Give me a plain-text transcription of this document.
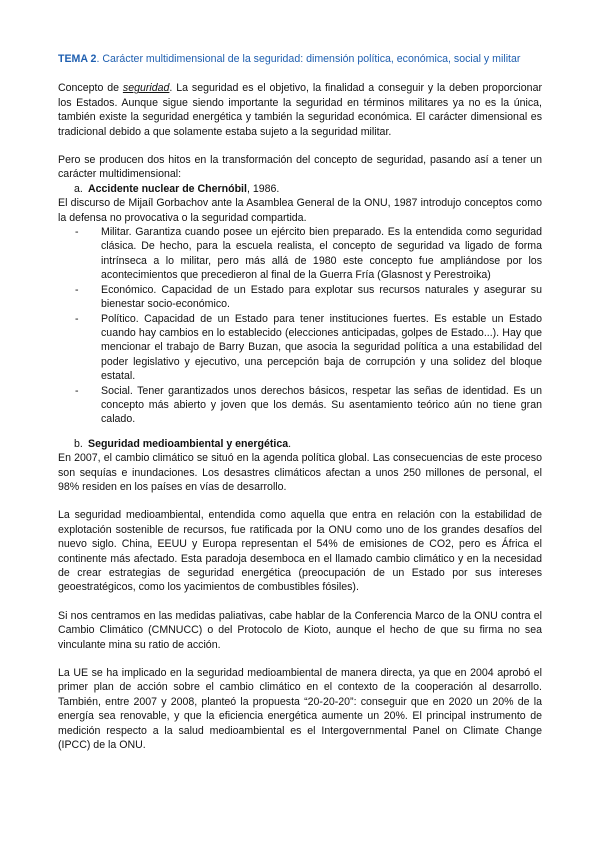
TEMA 2. Carácter multidimensional de la seguridad: dimensión política, económica, social y militar

Concepto de seguridad. La seguridad es el objetivo, la finalidad a conseguir y la deben proporcionar los Estados. Aunque sigue siendo importante la seguridad en términos militares ya no es la única, también existe la seguridad energética y también la seguridad económica. El carácter dimensional es tradicional debido a que solamente estaba sujeto a la seguridad militar.

Pero se producen dos hitos en la transformación del concepto de seguridad, pasando así a tener un carácter multidimensional:

a. Accidente nuclear de Chernóbil, 1986.

El discurso de Mijaíl Gorbachov ante la Asamblea General de la ONU, 1987 introdujo conceptos como la defensa no provocativa o la seguridad compartida.

- Militar. Garantiza cuando posee un ejército bien preparado. Es la entendida como seguridad clásica. De hecho, para la escuela realista, el concepto de seguridad va ligado de forma intrínseca a lo militar, pero más allá de 1980 este concepto fue ampliándose por los acontecimientos que precedieron al final de la Guerra Fría (Glasnost y Perestroika)
- Económico. Capacidad de un Estado para explotar sus recursos naturales y asegurar su bienestar socio-económico.
- Político. Capacidad de un Estado para tener instituciones fuertes. Es estable un Estado cuando hay cambios en lo establecido (elecciones anticipadas, golpes de Estado...). Hay que mencionar el trabajo de Barry Buzan, que asocia la seguridad política a una estabilidad del poder legislativo y ejecutivo, una percepción baja de corrupción y una solidez del bloque estatal.
- Social. Tener garantizados unos derechos básicos, respetar las señas de identidad. Es un concepto más abierto y joven que los demás. Su asentamiento teórico aún no tiene gran calado.
b. Seguridad medioambiental y energética.

En 2007, el cambio climático se situó en la agenda política global. Las consecuencias de este proceso son sequías e inundaciones. Los desastres climáticos afectan a unos 250 millones de personal, el 98% residen en los países en vías de desarrollo.

La seguridad medioambiental, entendida como aquella que entra en relación con la estabilidad de explotación sostenible de recursos, fue ratificada por la ONU como uno de los grandes desafíos del nuevo siglo. China, EEUU y Europa representan el 54% de emisiones de CO2, pero es África el continente más afectado. Esta paradoja desemboca en el llamado cambio climático y en la necesidad de crear estrategias de seguridad energética (preocupación de un Estado por sus intereses geoestratégicos, como los yacimientos de combustibles fósiles).

Si nos centramos en las medidas paliativas, cabe hablar de la Conferencia Marco de la ONU contra el Cambio Climático (CMNUCC) o del Protocolo de Kioto, aunque el hecho de que su firma no sea vinculante mina su ratio de acción.

La UE se ha implicado en la seguridad medioambiental de manera directa, ya que en 2004 aprobó el primer plan de acción sobre el cambio climático en el contexto de la cooperación al desarrollo. También, entre 2007 y 2008, planteó la propuesta “20-20-20”: conseguir que en 2020 un 20% de la energía sea renovable, y que la eficiencia energética aumente un 20%. El principal instrumento de medición respecto a la salud medioambiental es el Intergovernmental Panel on Climate Change (IPCC) de la ONU.
